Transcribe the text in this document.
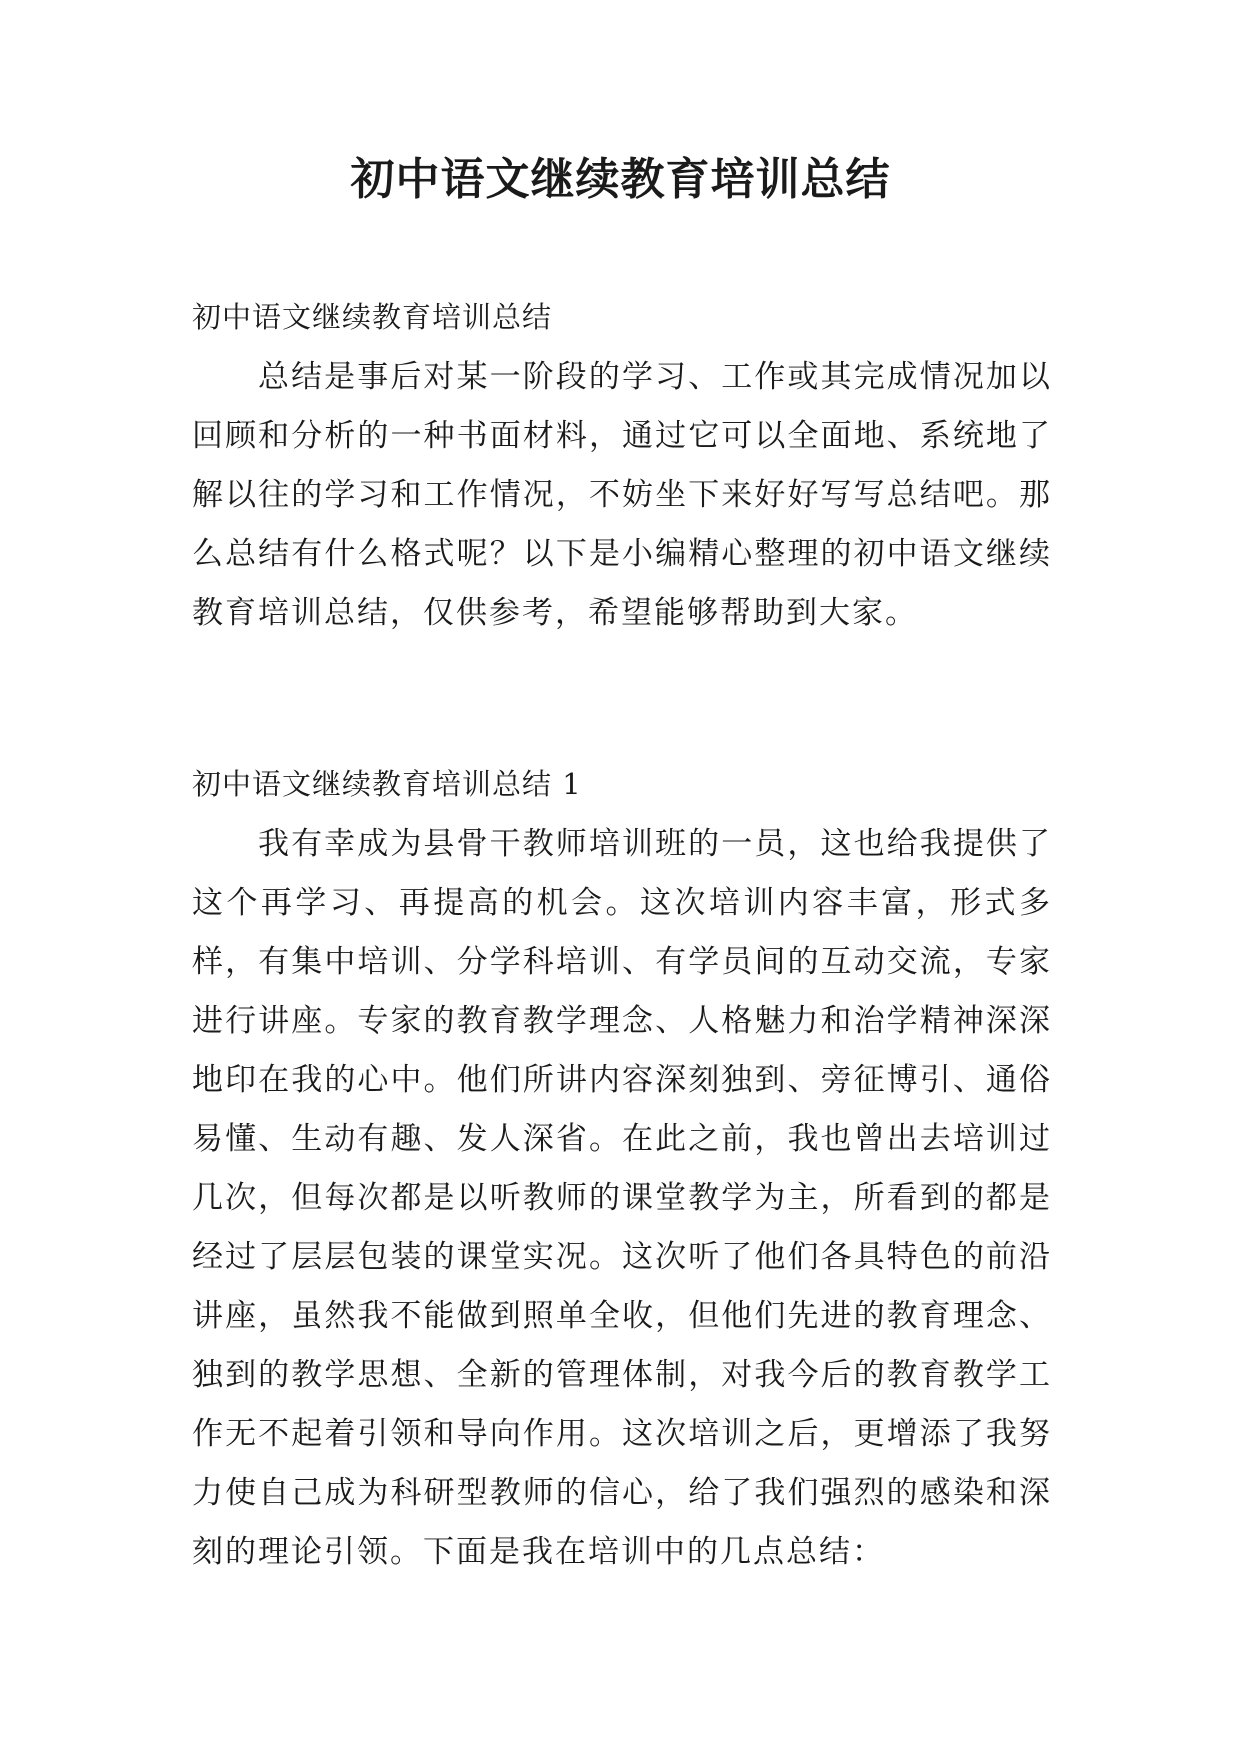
初中语文继续教育培训总结

初中语文继续教育培训总结

总结是事后对某一阶段的学习、工作或其完成情况加以回顾和分析的一种书面材料，通过它可以全面地、系统地了解以往的学习和工作情况，不妨坐下来好好写写总结吧。那么总结有什么格式呢？以下是小编精心整理的初中语文继续教育培训总结，仅供参考，希望能够帮助到大家。

初中语文继续教育培训总结 1

我有幸成为县骨干教师培训班的一员，这也给我提供了这个再学习、再提高的机会。这次培训内容丰富，形式多样，有集中培训、分学科培训、有学员间的互动交流，专家进行讲座。专家的教育教学理念、人格魅力和治学精神深深地印在我的心中。他们所讲内容深刻独到、旁征博引、通俗易懂、生动有趣、发人深省。在此之前，我也曾出去培训过几次，但每次都是以听教师的课堂教学为主，所看到的都是经过了层层包装的课堂实况。这次听了他们各具特色的前沿讲座，虽然我不能做到照单全收，但他们先进的教育理念、独到的教学思想、全新的管理体制，对我今后的教育教学工作无不起着引领和导向作用。这次培训之后，更增添了我努力使自己成为科研型教师的信心，给了我们强烈的感染和深刻的理论引领。下面是我在培训中的几点总结：
